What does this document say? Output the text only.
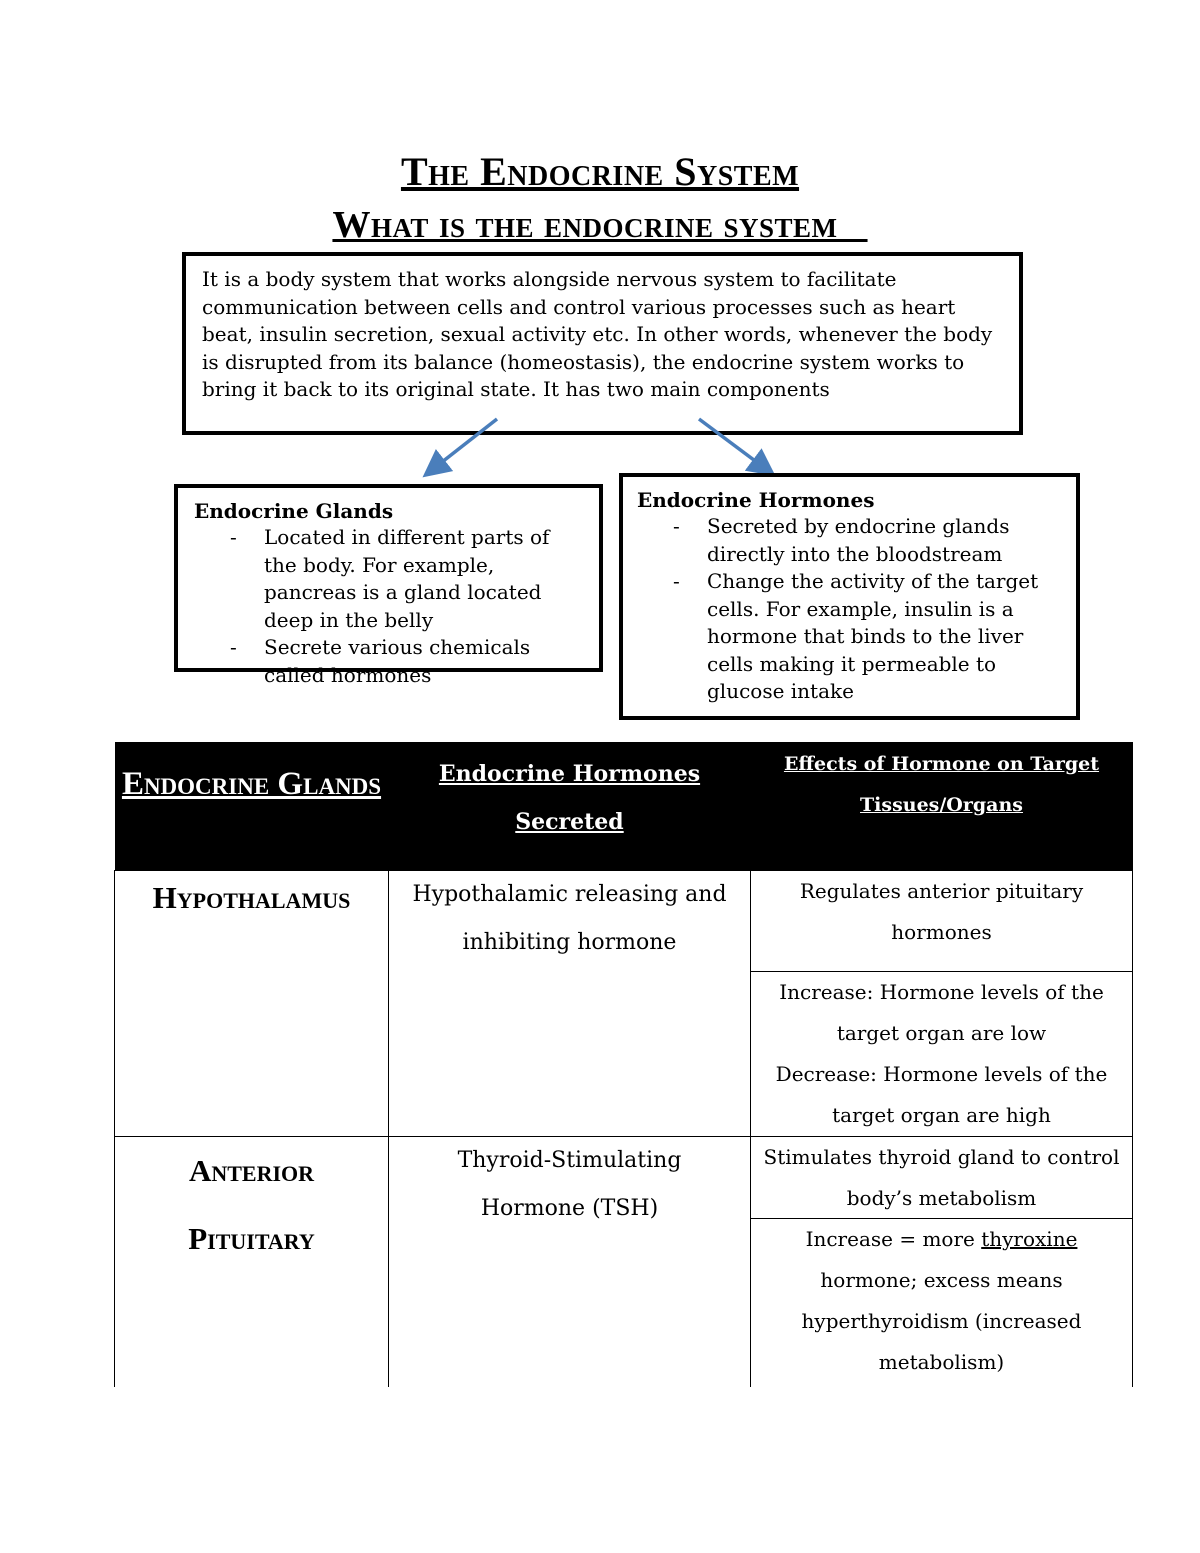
The Endocrine System
What is the endocrine system

It is a body system that works alongside nervous system to facilitate communication between cells and control various processes such as heart beat, insulin secretion, sexual activity etc. In other words, whenever the body is disrupted from its balance (homeostasis), the endocrine system works to bring it back to its original state. It has two main components

Endocrine Glands
- Located in different parts of the body. For example, pancreas is a gland located deep in the belly
- Secrete various chemicals called hormones
Endocrine Hormones
- Secreted by endocrine glands directly into the bloodstream
- Change the activity of the target cells. For example, insulin is a hormone that binds to the liver cells making it permeable to glucose intake
Endocrine Glands	Endocrine Hormones Secreted	Effects of Hormone on Target Tissues/Organs

Hypothalamus	Hypothalamic releasing and inhibiting hormone	Regulates anterior pituitary hormones
Increase: Hormone levels of the target organ are low
Decrease: Hormone levels of the target organ are high

Anterior Pituitary	Thyroid-Stimulating Hormone (TSH)	Stimulates thyroid gland to control body’s metabolism
Increase = more thyroxine hormone; excess means hyperthyroidism (increased metabolism)
